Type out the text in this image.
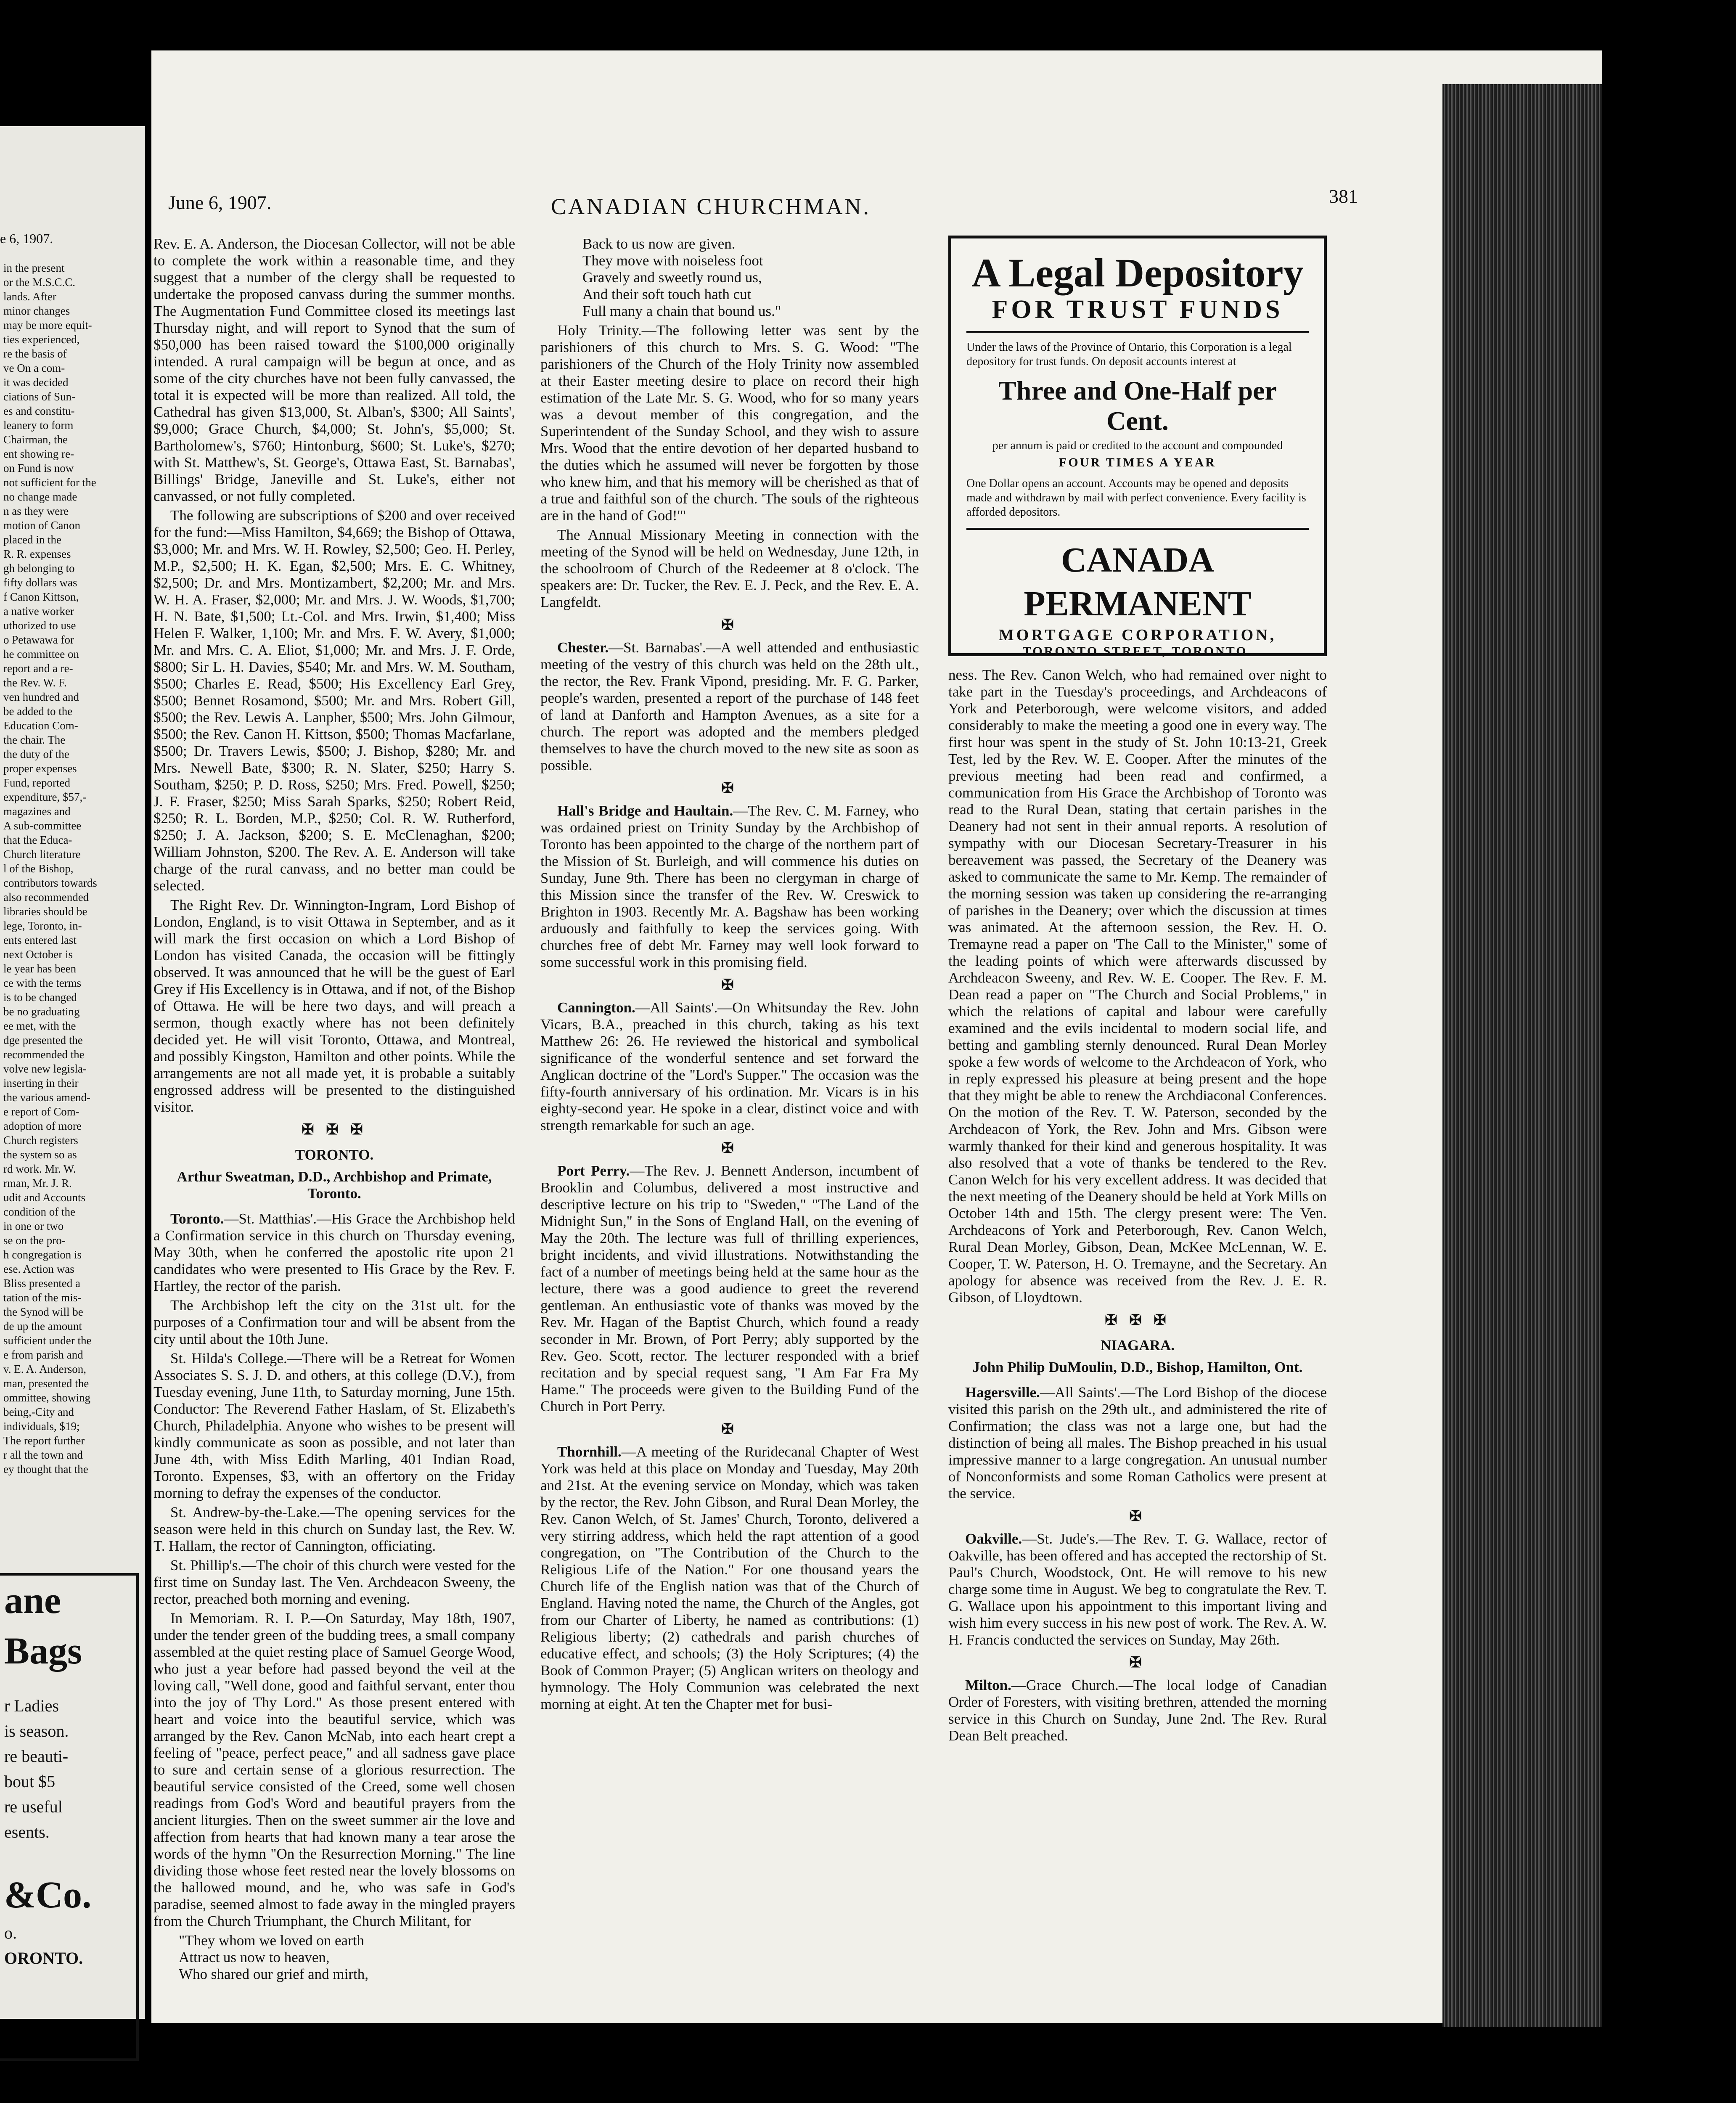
e 6, 1907.
in the present
or the M.S.C.C.
lands. After
minor changes
may be more equit-
ties experienced,
re the basis of
ve On a com-
it was decided
ciations of Sun-
es and constitu-
leanery to form
Chairman, the
ent showing re-
on Fund is now
not sufficient for the
no change made
n as they were
motion of Canon
placed in the
R. R. expenses
gh belonging to
fifty dollars was
f Canon Kittson,
a native worker
uthorized to use
o Petawawa for
he committee on
report and a re-
the Rev. W. F.
ven hundred and
be added to the
Education Com-
the chair. The
the duty of the
proper expenses
Fund, reported
expenditure, $57,-
magazines and
A sub-committee
that the Educa-
Church literature
l of the Bishop,
contributors towards
also recommended
libraries should be
lege, Toronto, in-
ents entered last
next October is
le year has been
ce with the terms
is to be changed
be no graduating
ee met, with the
dge presented the
recommended the
volve new legisla-
inserting in their
the various amend-
e report of Com-
adoption of more
Church registers
the system so as
rd work. Mr. W.
rman, Mr. J. R.
udit and Accounts
condition of the
in one or two
se on the pro-
h congregation is
ese. Action was
Bliss presented a
tation of the mis-
the Synod will be
de up the amount
sufficient under the
e from parish and
v. E. A. Anderson,
man, presented the
ommittee, showing
being,-City and
individuals, $19;
The report further
r all the town and
ey thought that the
ane
Bags
r Ladies
is season.
re beauti-
bout $5
re useful
esents.
&Co.
o.
ORONTO.
June 6, 1907.	CANADIAN CHURCHMAN.	381

Rev. E. A. Anderson, the Diocesan Collector, will not be able to complete the work within a reasonable time, and they suggest that a number of the clergy shall be requested to undertake the proposed canvass during the summer months. The Augmentation Fund Committee closed its meetings last Thursday night, and will report to Synod that the sum of $50,000 has been raised toward the $100,000 originally intended. A rural campaign will be begun at once, and as some of the city churches have not been fully canvassed, the total it is expected will be more than realized. All told, the Cathedral has given $13,000, St. Alban's, $300; All Saints', $9,000; Grace Church, $4,000; St. John's, $5,000; St. Bartholomew's, $760; Hintonburg, $600; St. Luke's, $270; with St. Matthew's, St. George's, Ottawa East, St. Barnabas', Billings' Bridge, Janeville and St. Luke's, either not canvassed, or not fully completed.

The following are subscriptions of $200 and over received for the fund:—Miss Hamilton, $4,669; the Bishop of Ottawa, $3,000; Mr. and Mrs. W. H. Rowley, $2,500; Geo. H. Perley, M.P., $2,500; H. K. Egan, $2,500; Mrs. E. C. Whitney, $2,500; Dr. and Mrs. Montizambert, $2,200; Mr. and Mrs. W. H. A. Fraser, $2,000; Mr. and Mrs. J. W. Woods, $1,700; H. N. Bate, $1,500; Lt.-Col. and Mrs. Irwin, $1,400; Miss Helen F. Walker, 1,100; Mr. and Mrs. F. W. Avery, $1,000; Mr. and Mrs. C. A. Eliot, $1,000; Mr. and Mrs. J. F. Orde, $800; Sir L. H. Davies, $540; Mr. and Mrs. W. M. Southam, $500; Charles E. Read, $500; His Excellency Earl Grey, $500; Bennet Rosamond, $500; Mr. and Mrs. Robert Gill, $500; the Rev. Lewis A. Lanpher, $500; Mrs. John Gilmour, $500; the Rev. Canon H. Kittson, $500; Thomas Macfarlane, $500; Dr. Travers Lewis, $500; J. Bishop, $280; Mr. and Mrs. Newell Bate, $300; R. N. Slater, $250; Harry S. Southam, $250; P. D. Ross, $250; Mrs. Fred. Powell, $250; J. F. Fraser, $250; Miss Sarah Sparks, $250; Robert Reid, $250; R. L. Borden, M.P., $250; Col. R. W. Rutherford, $250; J. A. Jackson, $200; S. E. McClenaghan, $200; William Johnston, $200. The Rev. A. E. Anderson will take charge of the rural canvass, and no better man could be selected.

The Right Rev. Dr. Winnington-Ingram, Lord Bishop of London, England, is to visit Ottawa in September, and as it will mark the first occasion on which a Lord Bishop of London has visited Canada, the occasion will be fittingly observed. It was announced that he will be the guest of Earl Grey if His Excellency is in Ottawa, and if not, of the Bishop of Ottawa. He will be here two days, and will preach a sermon, though exactly where has not been definitely decided yet. He will visit Toronto, Ottawa, and Montreal, and possibly Kingston, Hamilton and other points. While the arrangements are not all made yet, it is probable a suitably engrossed address will be presented to the distinguished visitor.

✠ ✠ ✠

TORONTO.

Arthur Sweatman, D.D., Archbishop and Primate, Toronto.

Toronto.—St. Matthias'.—His Grace the Archbishop held a Confirmation service in this church on Thursday evening, May 30th, when he conferred the apostolic rite upon 21 candidates who were presented to His Grace by the Rev. F. Hartley, the rector of the parish.

The Archbishop left the city on the 31st ult. for the purposes of a Confirmation tour and will be absent from the city until about the 10th June.

St. Hilda's College.—There will be a Retreat for Women Associates S. S. J. D. and others, at this college (D.V.), from Tuesday evening, June 11th, to Saturday morning, June 15th. Conductor: The Reverend Father Haslam, of St. Elizabeth's Church, Philadelphia. Anyone who wishes to be present will kindly communicate as soon as possible, and not later than June 4th, with Miss Edith Marling, 401 Indian Road, Toronto. Expenses, $3, with an offertory on the Friday morning to defray the expenses of the conductor.

St. Andrew-by-the-Lake.—The opening services for the season were held in this church on Sunday last, the Rev. W. T. Hallam, the rector of Cannington, officiating.

St. Phillip's.—The choir of this church were vested for the first time on Sunday last. The Ven. Archdeacon Sweeny, the rector, preached both morning and evening.

In Memoriam. R. I. P.—On Saturday, May 18th, 1907, under the tender green of the budding trees, a small company assembled at the quiet resting place of Samuel George Wood, who just a year before had passed beyond the veil at the loving call, "Well done, good and faithful servant, enter thou into the joy of Thy Lord." As those present entered with heart and voice into the beautiful service, which was arranged by the Rev. Canon McNab, into each heart crept a feeling of "peace, perfect peace," and all sadness gave place to sure and certain sense of a glorious resurrection. The beautiful service consisted of the Creed, some well chosen readings from God's Word and beautiful prayers from the ancient liturgies. Then on the sweet summer air the love and affection from hearts that had known many a tear arose the words of the hymn "On the Resurrection Morning." The line dividing those whose feet rested near the lovely blossoms on the hallowed mound, and he, who was safe in God's paradise, seemed almost to fade away in the mingled prayers from the Church Triumphant, the Church Militant, for

"They whom we loved on earth
Attract us now to heaven,
Who shared our grief and mirth,

Back to us now are given.
They move with noiseless foot
Gravely and sweetly round us,
And their soft touch hath cut
Full many a chain that bound us."

Holy Trinity.—The following letter was sent by the parishioners of this church to Mrs. S. G. Wood: "The parishioners of the Church of the Holy Trinity now assembled at their Easter meeting desire to place on record their high estimation of the Late Mr. S. G. Wood, who for so many years was a devout member of this congregation, and the Superintendent of the Sunday School, and they wish to assure Mrs. Wood that the entire devotion of her departed husband to the duties which he assumed will never be forgotten by those who knew him, and that his memory will be cherished as that of a true and faithful son of the church. 'The souls of the righteous are in the hand of God!'"

The Annual Missionary Meeting in connection with the meeting of the Synod will be held on Wednesday, June 12th, in the schoolroom of Church of the Redeemer at 8 o'clock. The speakers are: Dr. Tucker, the Rev. E. J. Peck, and the Rev. E. A. Langfeldt.

✠

Chester.—St. Barnabas'.—A well attended and enthusiastic meeting of the vestry of this church was held on the 28th ult., the rector, the Rev. Frank Vipond, presiding. Mr. F. G. Parker, people's warden, presented a report of the purchase of 148 feet of land at Danforth and Hampton Avenues, as a site for a church. The report was adopted and the members pledged themselves to have the church moved to the new site as soon as possible.

✠

Hall's Bridge and Haultain.—The Rev. C. M. Farney, who was ordained priest on Trinity Sunday by the Archbishop of Toronto has been appointed to the charge of the northern part of the Mission of St. Burleigh, and will commence his duties on Sunday, June 9th. There has been no clergyman in charge of this Mission since the transfer of the Rev. W. Creswick to Brighton in 1903. Recently Mr. A. Bagshaw has been working arduously and faithfully to keep the services going. With churches free of debt Mr. Farney may well look forward to some successful work in this promising field.

✠

Cannington.—All Saints'.—On Whitsunday the Rev. John Vicars, B.A., preached in this church, taking as his text Matthew 26: 26. He reviewed the historical and symbolical significance of the wonderful sentence and set forward the Anglican doctrine of the "Lord's Supper." The occasion was the fifty-fourth anniversary of his ordination. Mr. Vicars is in his eighty-second year. He spoke in a clear, distinct voice and with strength remarkable for such an age.

✠

Port Perry.—The Rev. J. Bennett Anderson, incumbent of Brooklin and Columbus, delivered a most instructive and descriptive lecture on his trip to "Sweden," "The Land of the Midnight Sun," in the Sons of England Hall, on the evening of May the 20th. The lecture was full of thrilling experiences, bright incidents, and vivid illustrations. Notwithstanding the fact of a number of meetings being held at the same hour as the lecture, there was a good audience to greet the reverend gentleman. An enthusiastic vote of thanks was moved by the Rev. Mr. Hagan of the Baptist Church, which found a ready seconder in Mr. Brown, of Port Perry; ably supported by the Rev. Geo. Scott, rector. The lecturer responded with a brief recitation and by special request sang, "I Am Far Fra My Hame." The proceeds were given to the Building Fund of the Church in Port Perry.

✠

Thornhill.—A meeting of the Ruridecanal Chapter of West York was held at this place on Monday and Tuesday, May 20th and 21st. At the evening service on Monday, which was taken by the rector, the Rev. John Gibson, and Rural Dean Morley, the Rev. Canon Welch, of St. James' Church, Toronto, delivered a very stirring address, which held the rapt attention of a good congregation, on "The Contribution of the Church to the Religious Life of the Nation." For one thousand years the Church life of the English nation was that of the Church of England. Having noted the name, the Church of the Angles, got from our Charter of Liberty, he named as contributions: (1) Religious liberty; (2) cathedrals and parish churches of educative effect, and schools; (3) the Holy Scriptures; (4) the Book of Common Prayer; (5) Anglican writers on theology and hymnology. The Holy Communion was celebrated the next morning at eight. At ten the Chapter met for busi-

A Legal Depository
FOR TRUST FUNDS
Under the laws of the Province of Ontario, this Corporation is a legal depository for trust funds. On deposit accounts interest at
Three and One-Half per Cent.
per annum is paid or credited to the account and compounded
FOUR TIMES A YEAR
One Dollar opens an account. Accounts may be opened and deposits made and withdrawn by mail with perfect convenience. Every facility is afforded depositors.
CANADA PERMANENT
MORTGAGE CORPORATION,
TORONTO STREET, TORONTO.

ness. The Rev. Canon Welch, who had remained over night to take part in the Tuesday's proceedings, and Archdeacons of York and Peterborough, were welcome visitors, and added considerably to make the meeting a good one in every way. The first hour was spent in the study of St. John 10:13-21, Greek Test, led by the Rev. W. E. Cooper. After the minutes of the previous meeting had been read and confirmed, a communication from His Grace the Archbishop of Toronto was read to the Rural Dean, stating that certain parishes in the Deanery had not sent in their annual reports. A resolution of sympathy with our Diocesan Secretary-Treasurer in his bereavement was passed, the Secretary of the Deanery was asked to communicate the same to Mr. Kemp. The remainder of the morning session was taken up considering the re-arranging of parishes in the Deanery; over which the discussion at times was animated. At the afternoon session, the Rev. H. O. Tremayne read a paper on 'The Call to the Minister," some of the leading points of which were afterwards discussed by Archdeacon Sweeny, and Rev. W. E. Cooper. The Rev. F. M. Dean read a paper on "The Church and Social Problems," in which the relations of capital and labour were carefully examined and the evils incidental to modern social life, and betting and gambling sternly denounced. Rural Dean Morley spoke a few words of welcome to the Archdeacon of York, who in reply expressed his pleasure at being present and the hope that they might be able to renew the Archdiaconal Conferences. On the motion of the Rev. T. W. Paterson, seconded by the Archdeacon of York, the Rev. John and Mrs. Gibson were warmly thanked for their kind and generous hospitality. It was also resolved that a vote of thanks be tendered to the Rev. Canon Welch for his very excellent address. It was decided that the next meeting of the Deanery should be held at York Mills on October 14th and 15th. The clergy present were: The Ven. Archdeacons of York and Peterborough, Rev. Canon Welch, Rural Dean Morley, Gibson, Dean, McKee McLennan, W. E. Cooper, T. W. Paterson, H. O. Tremayne, and the Secretary. An apology for absence was received from the Rev. J. E. R. Gibson, of Lloydtown.

✠ ✠ ✠

NIAGARA.

John Philip DuMoulin, D.D., Bishop, Hamilton, Ont.

Hagersville.—All Saints'.—The Lord Bishop of the diocese visited this parish on the 29th ult., and administered the rite of Confirmation; the class was not a large one, but had the distinction of being all males. The Bishop preached in his usual impressive manner to a large congregation. An unusual number of Nonconformists and some Roman Catholics were present at the service.

✠

Oakville.—St. Jude's.—The Rev. T. G. Wallace, rector of Oakville, has been offered and has accepted the rectorship of St. Paul's Church, Woodstock, Ont. He will remove to his new charge some time in August. We beg to congratulate the Rev. T. G. Wallace upon his appointment to this important living and wish him every success in his new post of work. The Rev. A. W. H. Francis conducted the services on Sunday, May 26th.

✠

Milton.—Grace Church.—The local lodge of Canadian Order of Foresters, with visiting brethren, attended the morning service in this Church on Sunday, June 2nd. The Rev. Rural Dean Belt preached.
